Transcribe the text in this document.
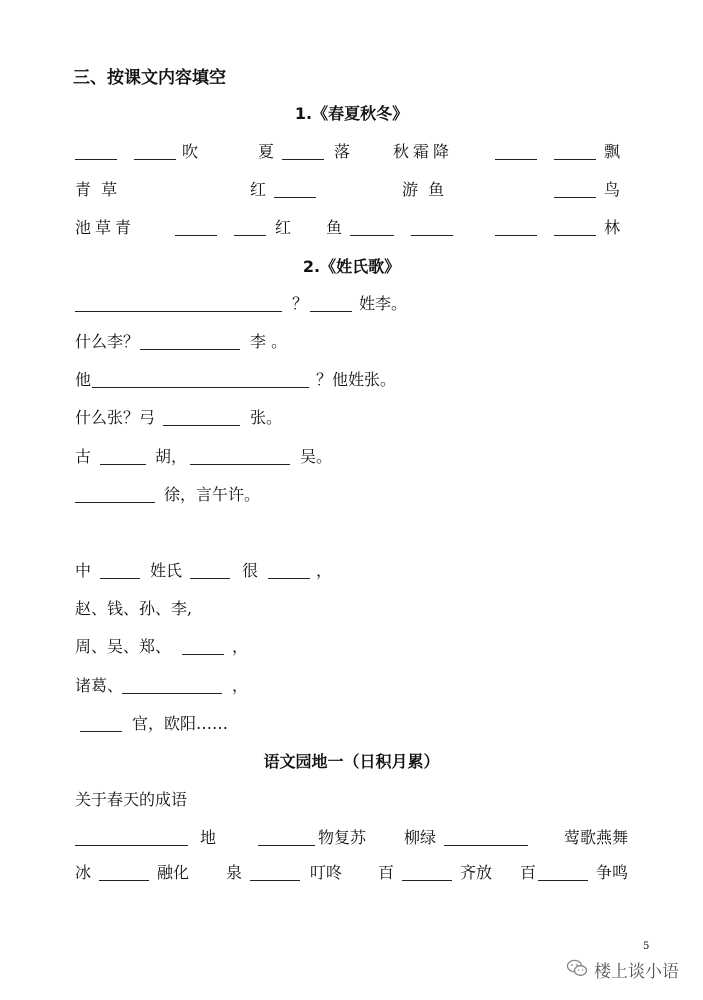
三、按课文内容填空
1.《春夏秋冬》
吹	夏	落	秋霜降	飘
青  草	红	游  鱼	鸟
池草青	红 鱼	林
2.《姓氏歌》
？	姓李。
什么李？	李 。
他	？他姓张。
什么张？弓	张。
古	胡，	吴。
徐，言午许。
中	姓氏	很	，
赵、钱、孙、李,
周、吴、郑、	，
诸葛、	，
官，欧阳……
语文园地一（日积月累）
关于春天的成语
地	物复苏 柳绿	莺歌燕舞
冰	融化 泉	叮咚 百	齐放 百	争鸣
5
楼上谈小语
